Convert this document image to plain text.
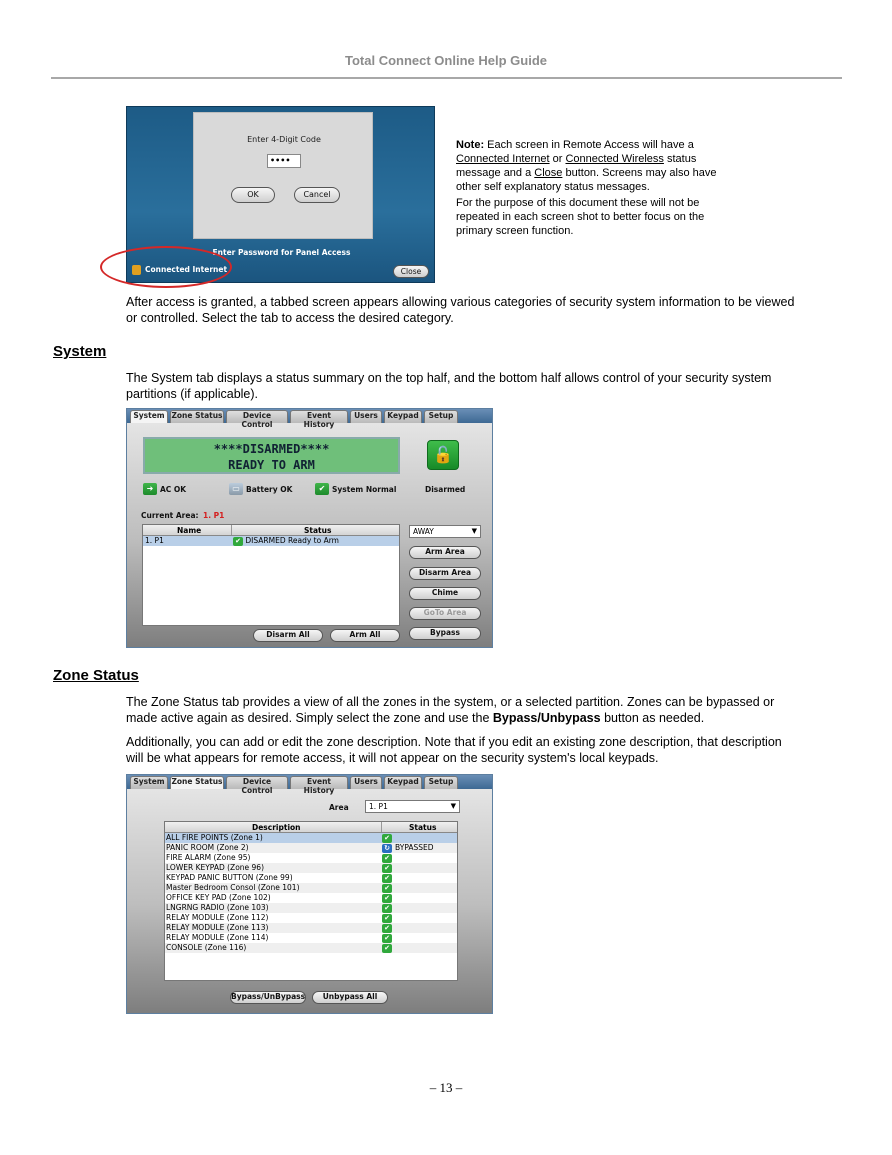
Total Connect Online Help Guide
Enter 4-Digit Code
••••
OK	Cancel
Enter Password for Panel Access
Connected Internet	Close
Note: Each screen in Remote Access will have a
Connected Internet or Connected Wireless status
message and a Close button. Screens may also have
other self explanatory status messages.
For the purpose of this document these will not be
repeated in each screen shot to better focus on the
primary screen function.
After access is granted, a tabbed screen appears allowing various categories of security system information to be viewed
or controlled. Select the tab to access the desired category.
System
The System tab displays a status summary on the top half, and the bottom half allows control of your security system
partitions (if applicable).
System Zone Status	Device Control
Event History
Users	Keypad	Setup
****DISARMED****
READY TO ARM
🔓
Disarmed
➜ AC OK	▭ Battery OK	✔ System Normal
Current Area: 1. P1
Name	Status
1. P1	✔ DISARMED Ready to Arm
AWAY	▼
Arm Area
Disarm Area
Chime
GoTo Area
Bypass
Disarm All	Arm All
Zone Status
The Zone Status tab provides a view of all the zones in the system, or a selected partition. Zones can be bypassed or
made active again as desired. Simply select the zone and use the Bypass/Unbypass button as needed.
Additionally, you can add or edit the zone description. Note that if you edit an existing zone description, that description
will be what appears for remote access, it will not appear on the security system's local keypads.
System Zone Status	Device Control
Event History
Users	Keypad	Setup
Area	1. P1	▼
Description	Status
ALL FIRE POINTS (Zone 1)	✔
PANIC ROOM (Zone 2)	↻ BYPASSED
FIRE ALARM (Zone 95)	✔
LOWER KEYPAD (Zone 96)	✔
KEYPAD PANIC BUTTON (Zone 99)	✔
Master Bedroom Consol (Zone 101)	✔
OFFICE KEY PAD (Zone 102)	✔
LNGRNG RADIO (Zone 103)	✔
RELAY MODULE (Zone 112)	✔
RELAY MODULE (Zone 113)	✔
RELAY MODULE (Zone 114)	✔
CONSOLE (Zone 116)	✔
Bypass/UnBypass	Unbypass All
– 13 –
